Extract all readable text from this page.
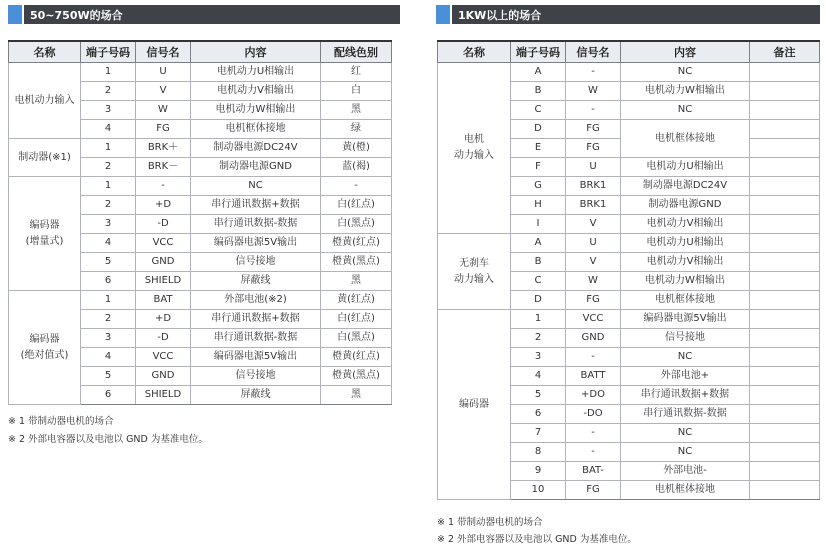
50~750W的场合
名称	端子号码	信号名	内容	配线色别

电机动力输入	1	U	电机动力U相输出	红
	2	V	电机动力V相输出	白
	3	W	电机动力W相输出	黑
	4	FG	电机框体接地	绿

制动器(※1)	1	BRK＋	制动器电源DC24V	黄(橙)
	2	BRK－	制动器电源GND	蓝(褐)

编码器
(增量式)	1	-	NC	-
	2	+D	串行通讯数据+数据	白(红点)
	3	-D	串行通讯数据-数据	白(黑点)
	4	VCC	编码器电源5V输出	橙黄(红点)
	5	GND	信号接地	橙黄(黑点)
	6	SHIELD	屏蔽线	黑

编码器
(绝对值式)	1	BAT	外部电池(※2)	黄(红点)
	2	+D	串行通讯数据+数据	白(红点)
	3	-D	串行通讯数据-数据	白(黑点)
	4	VCC	编码器电源5V输出	橙黄(红点)
	5	GND	信号接地	橙黄(黑点)
	6	SHIELD	屏蔽线	黑
※ 1 带制动器电机的场合
※ 2 外部电容器以及电池以 GND 为基准电位。
1KW以上的场合
名称	端子号码	信号名	内容	备注

电机
动力输入	A	-	NC	
	B	W	电机动力W相输出	
	C	-	NC	
	D	FG	电机框体接地	
	E	FG		
	F	U	电机动力U相输出	
	G	BRK1	制动器电源DC24V	
	H	BRK1	制动器电源GND	
	I	V	电机动力V相输出	

无刹车
动力输入	A	U	电机动力U相输出	
	B	V	电机动力V相输出	
	C	W	电机动力W相输出	
	D	FG	电机框体接地	

编码器	1	VCC	编码器电源5V输出	
	2	GND	信号接地	
	3	-	NC	
	4	BATT	外部电池+	
	5	+DO	串行通讯数据+数据	
	6	-DO	串行通讯数据-数据	
	7	-	NC	
	8	-	NC	
	9	BAT-	外部电池-	
	10	FG	电机框体接地	
※ 1 带制动器电机的场合
※ 2 外部电容器以及电池以 GND 为基准电位。
